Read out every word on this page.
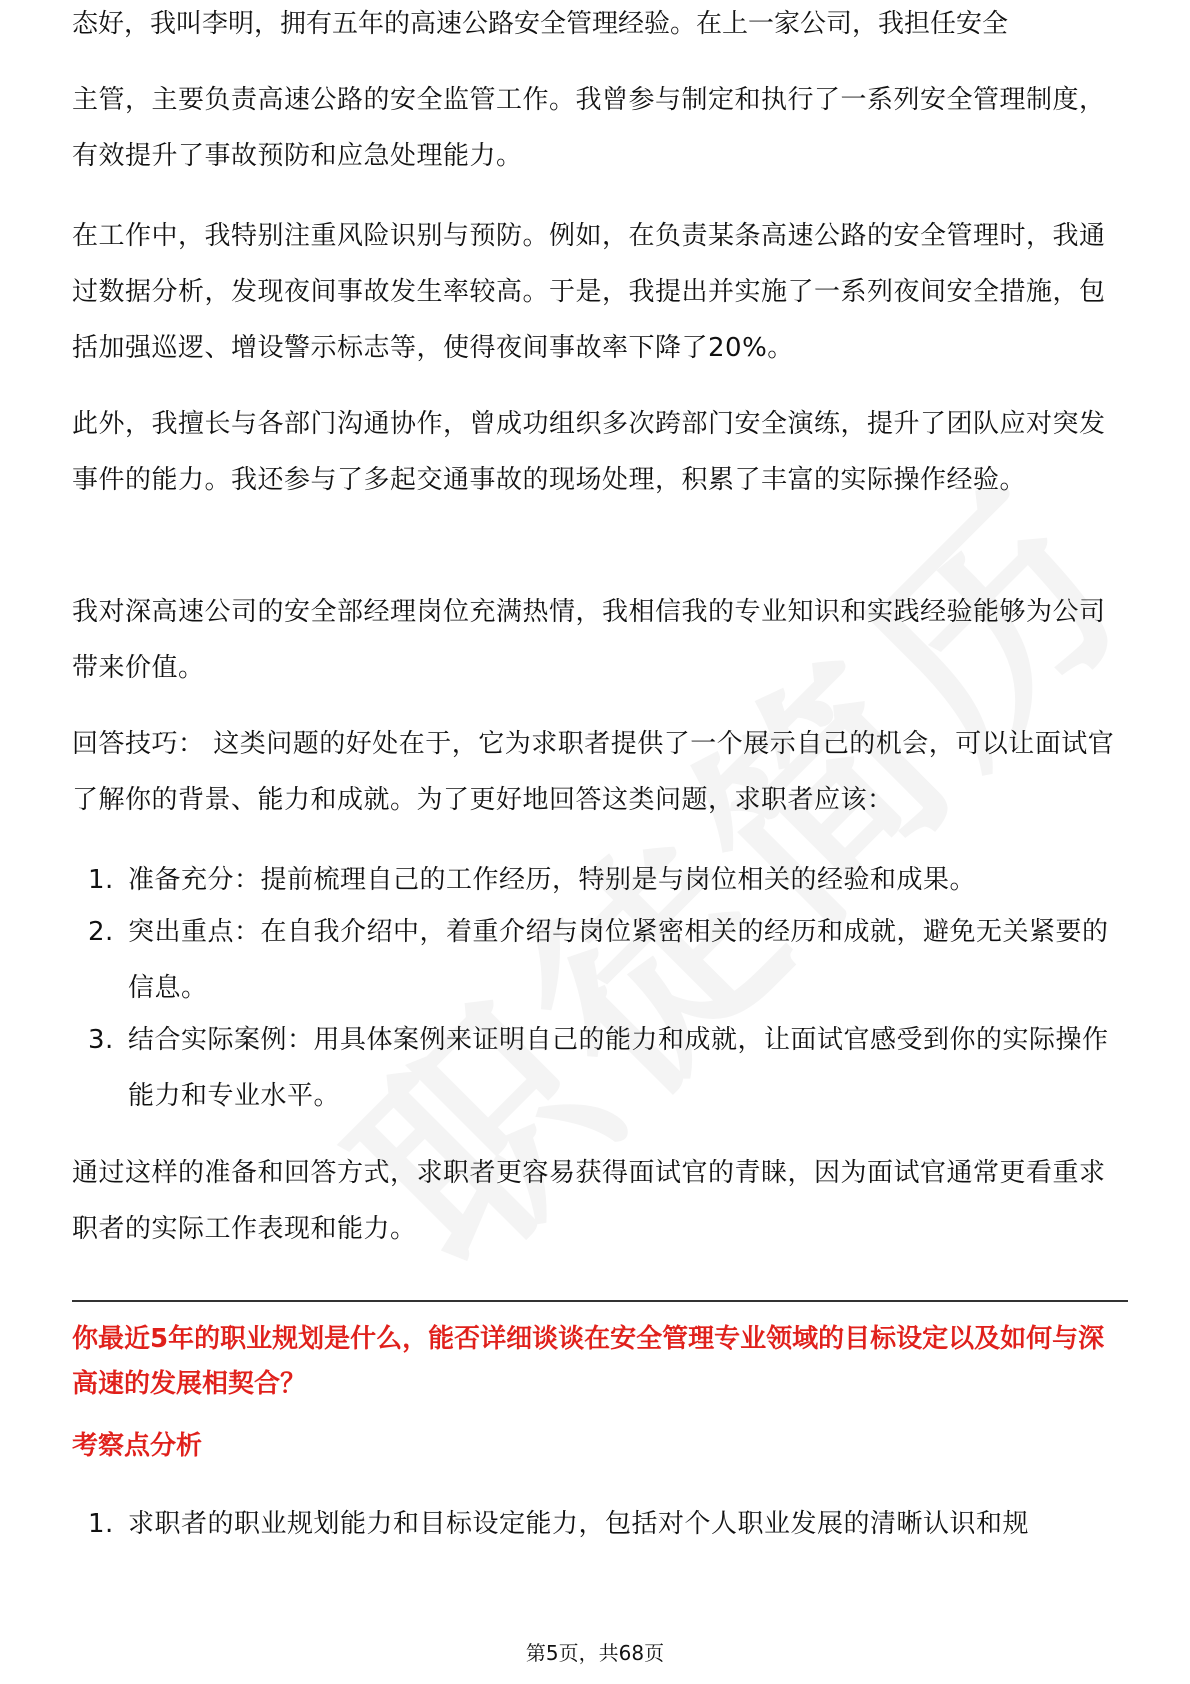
态好，我叫李明，拥有五年的高速公路安全管理经验。在上一家公司，我担任安全

主管，主要负责高速公路的安全监管工作。我曾参与制定和执行了一系列安全管理制度，有效提升了事故预防和应急处理能力。

在工作中，我特别注重风险识别与预防。例如，在负责某条高速公路的安全管理时，我通过数据分析，发现夜间事故发生率较高。于是，我提出并实施了一系列夜间安全措施，包括加强巡逻、增设警示标志等，使得夜间事故率下降了20%。

此外，我擅长与各部门沟通协作，曾成功组织多次跨部门安全演练，提升了团队应对突发事件的能力。我还参与了多起交通事故的现场处理，积累了丰富的实际操作经验。

我对深高速公司的安全部经理岗位充满热情，我相信我的专业知识和实践经验能够为公司带来价值。

回答技巧： 这类问题的好处在于，它为求职者提供了一个展示自己的机会，可以让面试官了解你的背景、能力和成就。为了更好地回答这类问题，求职者应该：

1. 准备充分：提前梳理自己的工作经历，特别是与岗位相关的经验和成果。
2. 突出重点：在自我介绍中，着重介绍与岗位紧密相关的经历和成就，避免无关紧要的信息。
3. 结合实际案例：用具体案例来证明自己的能力和成就，让面试官感受到你的实际操作能力和专业水平。

通过这样的准备和回答方式，求职者更容易获得面试官的青睐，因为面试官通常更看重求职者的实际工作表现和能力。

你最近5年的职业规划是什么，能否详细谈谈在安全管理专业领域的目标设定以及如何与深高速的发展相契合？
考察点分析
1. 求职者的职业规划能力和目标设定能力，包括对个人职业发展的清晰认识和规
第5页，共68页
